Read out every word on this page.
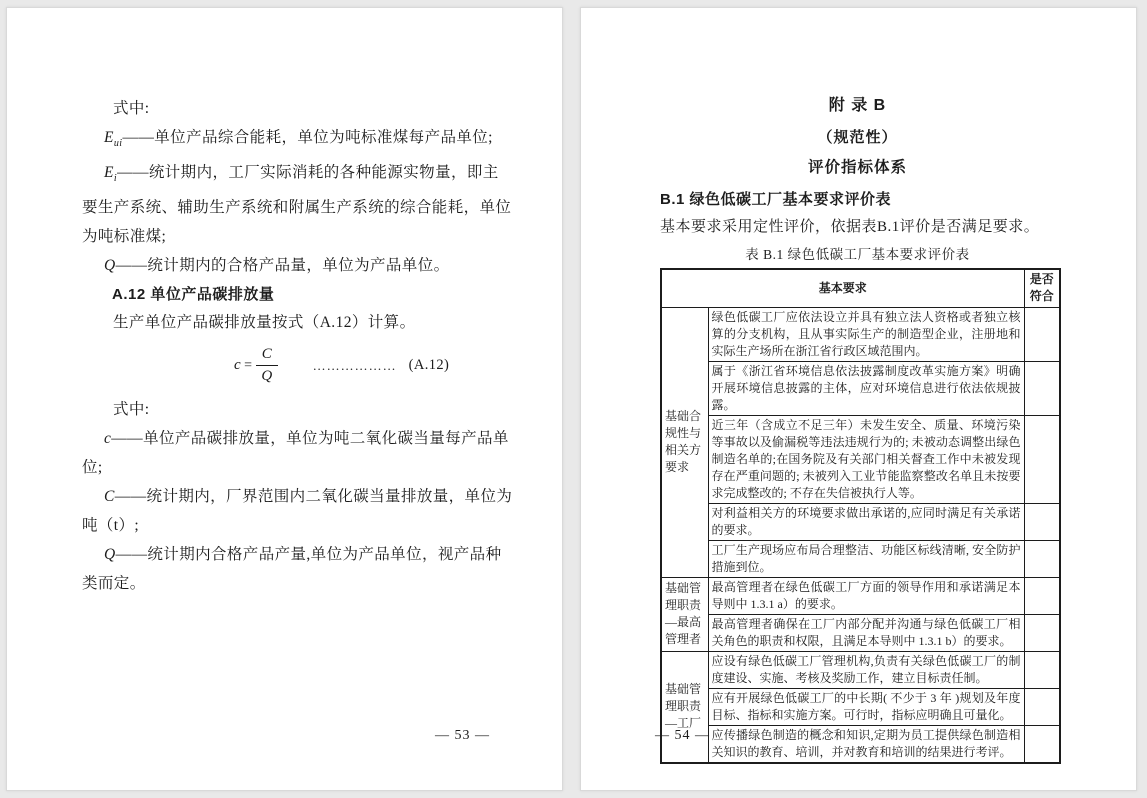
式中:
$E_{ui}——$单位产品综合能耗，单位为吨标准煤每产品单位;
$E_i——$统计期内，工厂实际消耗的各种能源实物量，即主
要生产系统、辅助生产系统和附属生产系统的综合能耗，单位
为吨标准煤;
Q——统计期内的合格产品量，单位为产品单位。
A.12 单位产品碳排放量
生产单位产品碳排放量按式（A.12）计算。
$c = \frac{C}{Q}$	……………… (A.12)
式中:
c——单位产品碳排放量，单位为吨二氧化碳当量每产品单
位;
C——统计期内，厂界范围内二氧化碳当量排放量，单位为
吨（t）;
Q——统计期内合格产品产量,单位为产品单位，视产品种
类而定。
— 53 —
附 录 B
（规范性）
评价指标体系
B.1 绿色低碳工厂基本要求评价表
基本要求采用定性评价，依据表B.1评价是否满足要求。
表 B.1 绿色低碳工厂基本要求评价表
基本要求		是否符合
基础合规性与相关方要求	绿色低碳工厂应依法设立并具有独立法人资格或者独立核算的分支机构，且从事实际生产的制造型企业，注册地和实际生产场所在浙江省行政区域范围内。	
	属于《浙江省环境信息依法披露制度改革实施方案》明确开展环境信息披露的主体，应对环境信息进行依法依规披露。	
	近三年（含成立不足三年）未发生安全、质量、环境污染等事故以及偷漏税等违法违规行为的; 未被动态调整出绿色制造名单的;在国务院及有关部门相关督查工作中未被发现存在严重问题的; 未被列入工业节能监察整改名单且未按要求完成整改的; 不存在失信被执行人等。	
	对利益相关方的环境要求做出承诺的,应同时满足有关承诺的要求。	
	工厂生产现场应布局合理整洁、功能区标线清晰, 安全防护措施到位。	
基础管理职责—最高管理者	最高管理者在绿色低碳工厂方面的领导作用和承诺满足本导则中 1.3.1 a）的要求。	
	最高管理者确保在工厂内部分配并沟通与绿色低碳工厂相关角色的职责和权限，且满足本导则中 1.3.1 b）的要求。	
基础管理职责—工厂	应设有绿色低碳工厂管理机构,负责有关绿色低碳工厂的制度建设、实施、考核及奖励工作，建立目标责任制。	
	应有开展绿色低碳工厂的中长期( 不少于 3 年 )规划及年度目标、指标和实施方案。可行时，指标应明确且可量化。	
	应传播绿色制造的概念和知识,定期为员工提供绿色制造相关知识的教育、培训，并对教育和培训的结果进行考评。	
— 54 —
